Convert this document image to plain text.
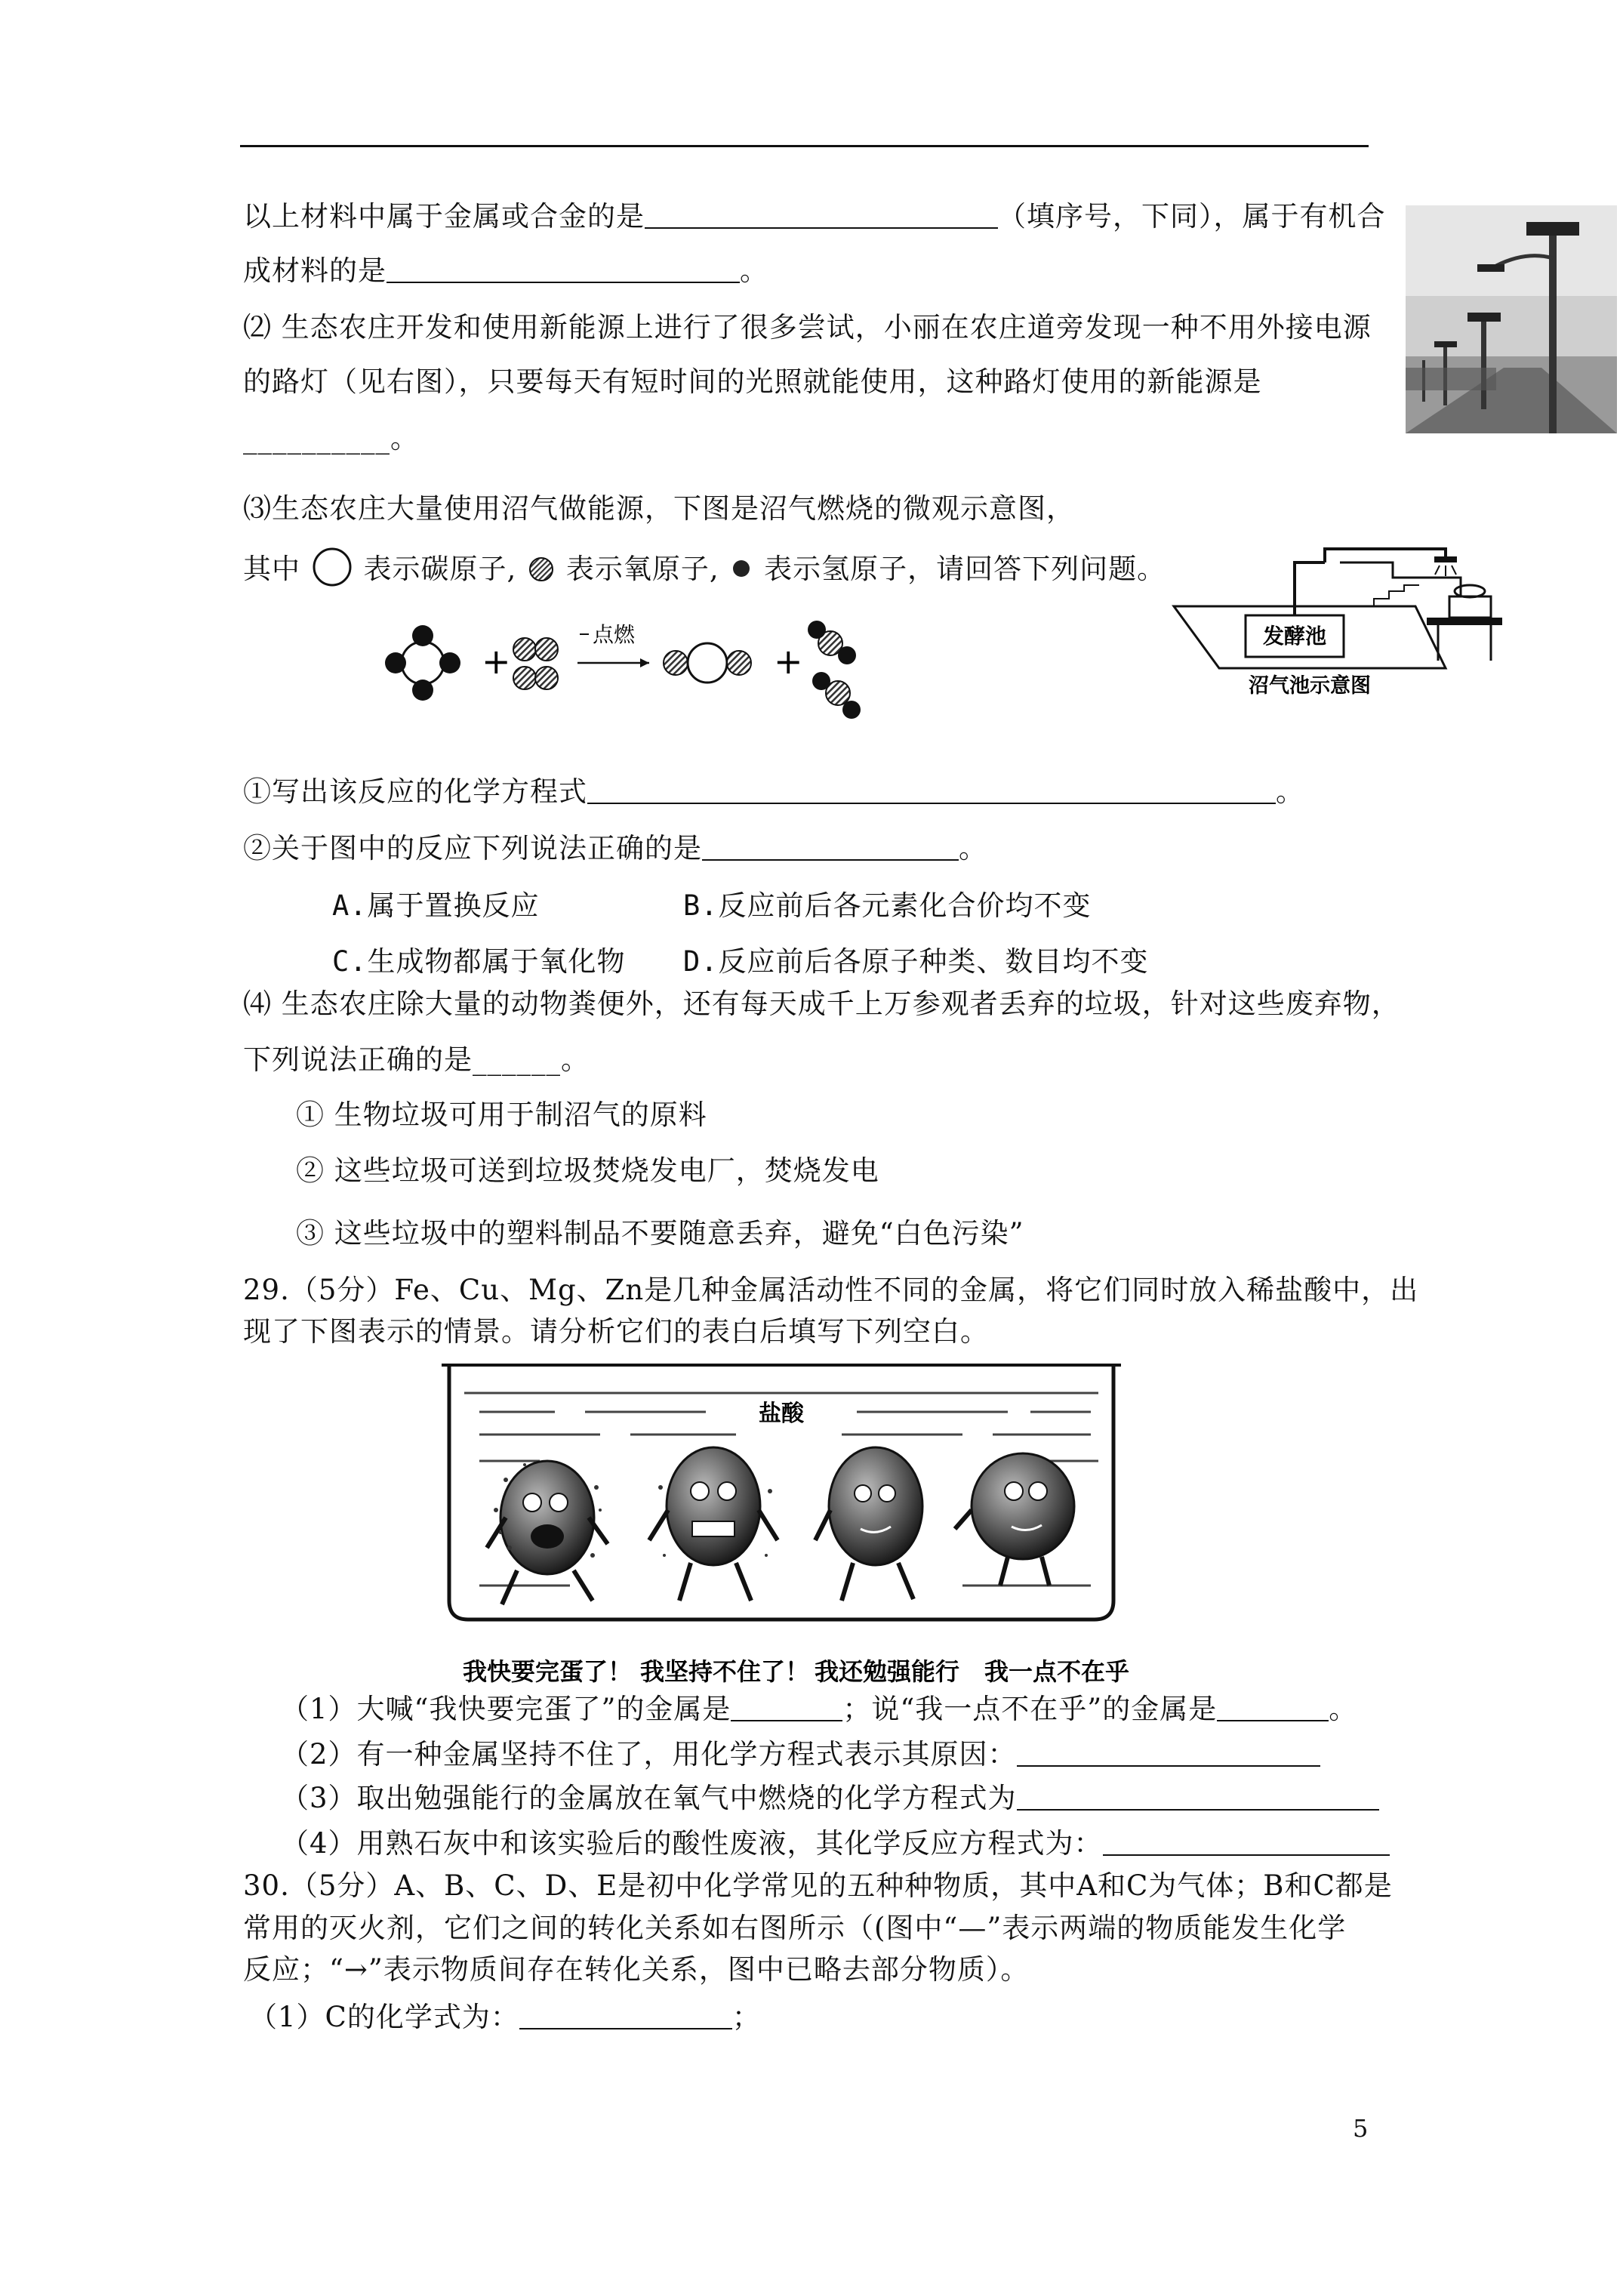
以上材料中属于金属或合金的是	（填序号，下同），属于有机合
成材料的是	。
⑵ 生态农庄开发和使用新能源上进行了很多尝试，小丽在农庄道旁发现一种不用外接电源
的路灯（见右图），只要每天有短时间的光照就能使用，这种路灯使用的新能源是
__________。
⑶生态农庄大量使用沼气做能源，下图是沼气燃烧的微观示意图，
其中 表示碳原子, 表示氧原子, 表示氢原子，请回答下列问题。
+
点燃
+
发酵池
沼气池示意图
①写出该反应的化学方程式	。
②关于图中的反应下列说法正确的是	。
A.属于置换反应	B.反应前后各元素化合价均不变
C.生成物都属于氧化物 D.反应前后各原子种类、数目均不变
⑷ 生态农庄除大量的动物粪便外，还有每天成千上万参观者丢弃的垃圾，针对这些废弃物，
下列说法正确的是______。
① 生物垃圾可用于制沼气的原料
② 这些垃圾可送到垃圾焚烧发电厂，焚烧发电
③ 这些垃圾中的塑料制品不要随意丢弃，避免“白色污染”
29.（5分）Fe、Cu、Mg、Zn是几种金属活动性不同的金属，将它们同时放入稀盐酸中，出
现了下图表示的情景。请分析它们的表白后填写下列空白。
盐酸
我快要完蛋了！ 我坚持不住了！ 我还勉强能行 我一点不在乎
（1）大喊“我快要完蛋了”的金属是	；说“我一点不在乎”的金属是	。
（2）有一种金属坚持不住了，用化学方程式表示其原因：
（3）取出勉强能行的金属放在氧气中燃烧的化学方程式为
（4）用熟石灰中和该实验后的酸性废液，其化学反应方程式为：
30.（5分）A、B、C、D、E是初中化学常见的五种种物质，其中A和C为气体；B和C都是
常用的灭火剂，它们之间的转化关系如右图所示（(图中“—”表示两端的物质能发生化学
反应；“→”表示物质间存在转化关系，图中已略去部分物质）。
（1）C的化学式为：	；
5
